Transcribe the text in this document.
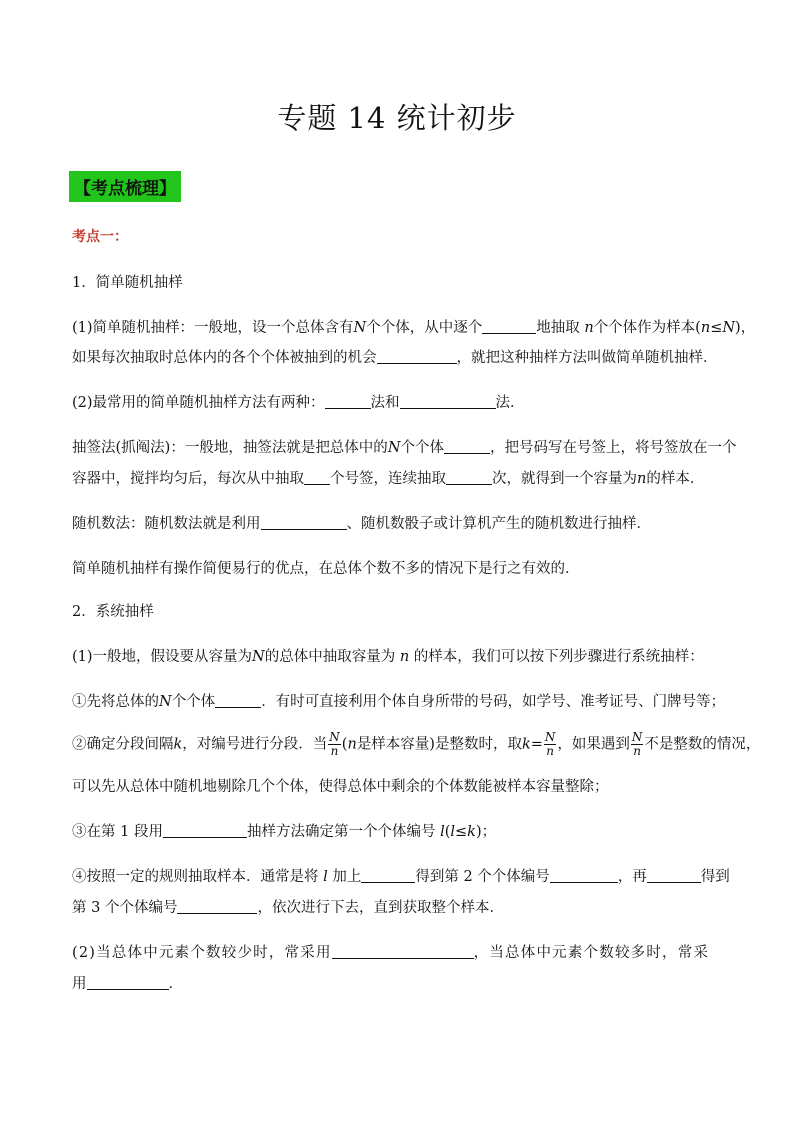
专题 14 统计初步
【考点梳理】
考点一：
1．简单随机抽样
(1)简单随机抽样：一般地，设一个总体含有N个个体，从中逐个	地抽取 n个个体作为样本(n≤N)，
如果每次抽取时总体内的各个个体被抽到的机会	，就把这种抽样方法叫做简单随机抽样．
(2)最常用的简单随机抽样方法有两种：	法和	法．
抽签法(抓阄法)：一般地，抽签法就是把总体中的N个个体	，把号码写在号签上，将号签放在一个
容器中，搅拌均匀后，每次从中抽取 个号签，连续抽取	次，就得到一个容量为n的样本．
随机数法：随机数法就是利用	、随机数骰子或计算机产生的随机数进行抽样．
简单随机抽样有操作简便易行的优点，在总体个数不多的情况下是行之有效的．
2．系统抽样
(1)一般地，假设要从容量为N的总体中抽取容量为 n 的样本，我们可以按下列步骤进行系统抽样：
①先将总体的N个个体	．有时可直接利用个体自身所带的号码，如学号、准考证号、门牌号等；
②确定分段间隔k，对编号进行分段．当 $\frac{N}{n} (n$是样本容量)是整数时，取$k= \frac{N}{n}$ ，如果遇到 $\frac{N}{n}$ 不是整数的情况，
可以先从总体中随机地剔除几个个体，使得总体中剩余的个体数能被样本容量整除；
③在第 1 段用	抽样方法确定第一个个体编号 l(l≤k)；
④按照一定的规则抽取样本．通常是将 l 加上	得到第 2 个个体编号	，再	得到
第 3 个个体编号	，依次进行下去，直到获取整个样本．
(2)当总体中元素个数较少时，常采用	，当总体中元素个数较多时，常采
用	．
